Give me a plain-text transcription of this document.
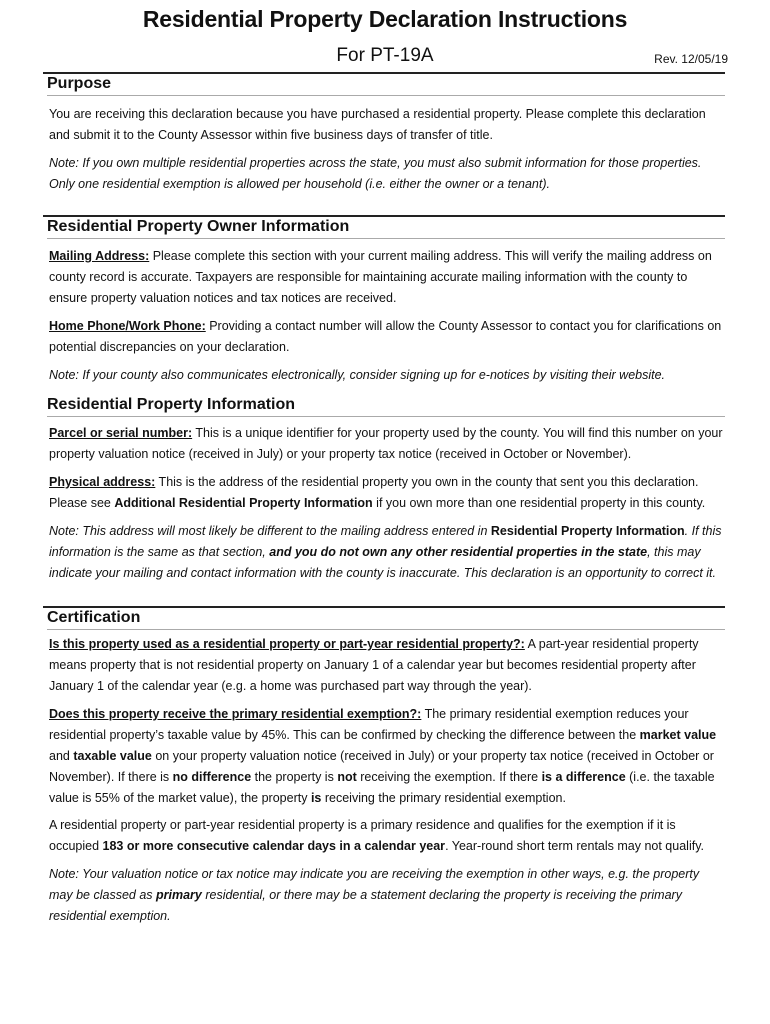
Residential Property Declaration Instructions
For PT-19A	Rev. 12/05/19
Purpose
You are receiving this declaration because you have purchased a residential property. Please complete this declaration and submit it to the County Assessor within five business days of transfer of title.
Note: If you own multiple residential properties across the state, you must also submit information for those properties. Only one residential exemption is allowed per household (i.e. either the owner or a tenant).
Residential Property Owner Information
Mailing Address: Please complete this section with your current mailing address. This will verify the mailing address on county record is accurate. Taxpayers are responsible for maintaining accurate mailing information with the county to ensure property valuation notices and tax notices are received.
Home Phone/Work Phone: Providing a contact number will allow the County Assessor to contact you for clarifications on potential discrepancies on your declaration.
Note: If your county also communicates electronically, consider signing up for e-notices by visiting their website.
Residential Property Information
Parcel or serial number: This is a unique identifier for your property used by the county. You will find this number on your property valuation notice (received in July) or your property tax notice (received in October or November).
Physical address: This is the address of the residential property you own in the county that sent you this declaration. Please see Additional Residential Property Information if you own more than one residential property in this county.
Note: This address will most likely be different to the mailing address entered in Residential Property Information. If this information is the same as that section, and you do not own any other residential properties in the state, this may indicate your mailing and contact information with the county is inaccurate. This declaration is an opportunity to correct it.
Certification
Is this property used as a residential property or part-year residential property?: A part-year residential property means property that is not residential property on January 1 of a calendar year but becomes residential property after January 1 of the calendar year (e.g. a home was purchased part way through the year).
Does this property receive the primary residential exemption?: The primary residential exemption reduces your residential property’s taxable value by 45%. This can be confirmed by checking the difference between the market value and taxable value on your property valuation notice (received in July) or your property tax notice (received in October or November). If there is no difference the property is not receiving the exemption. If there is a difference (i.e. the taxable value is 55% of the market value), the property is receiving the primary residential exemption.
A residential property or part-year residential property is a primary residence and qualifies for the exemption if it is occupied 183 or more consecutive calendar days in a calendar year. Year-round short term rentals may not qualify.
Note: Your valuation notice or tax notice may indicate you are receiving the exemption in other ways, e.g. the property may be classed as primary residential, or there may be a statement declaring the property is receiving the primary residential exemption.
